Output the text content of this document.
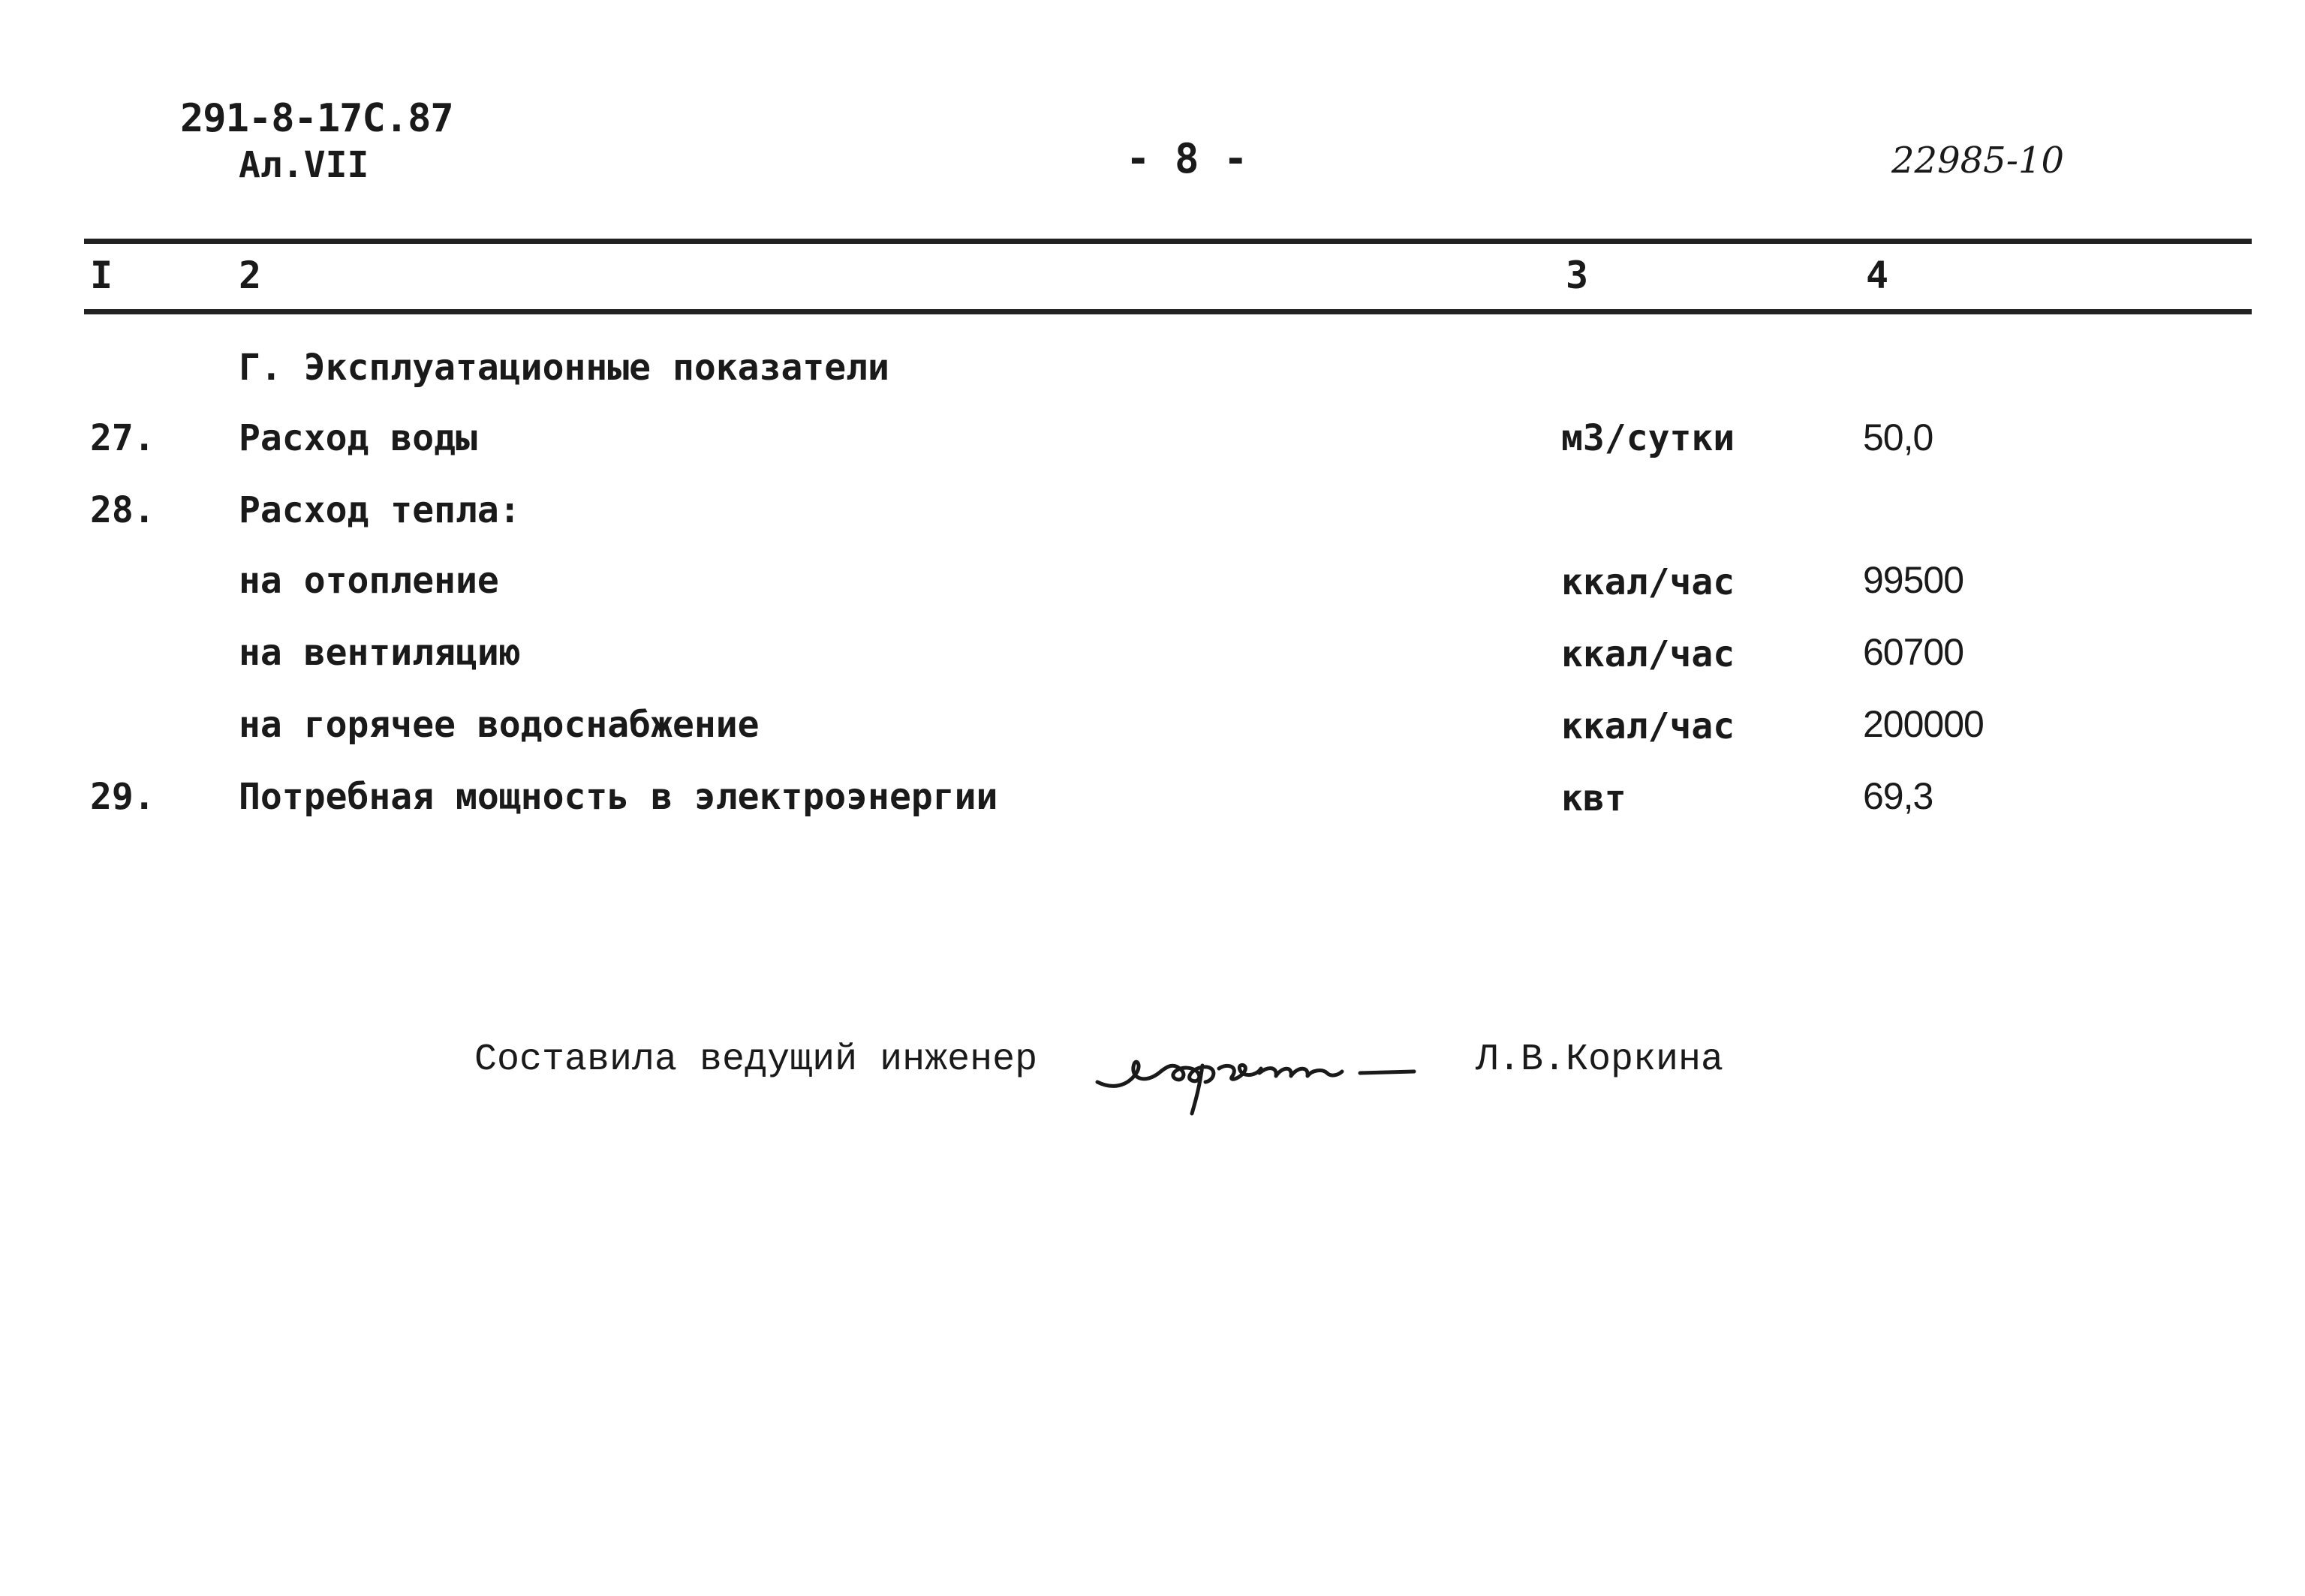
291-8-17С.87
Ал.VII	- 8 -	22985-10
I	2	3	4
Г. Эксплуатационные показатели
27. Расход воды	м3/сутки	50,0
28. Расход тепла:
на отопление	ккал/час	99500
на вентиляцию	ккал/час	60700
на горячее водоснабжение	ккал/час	200000
29. Потребная мощность в электроэнергии	квт	69,3
Составила ведущий инженер	Л.В.Коркина
